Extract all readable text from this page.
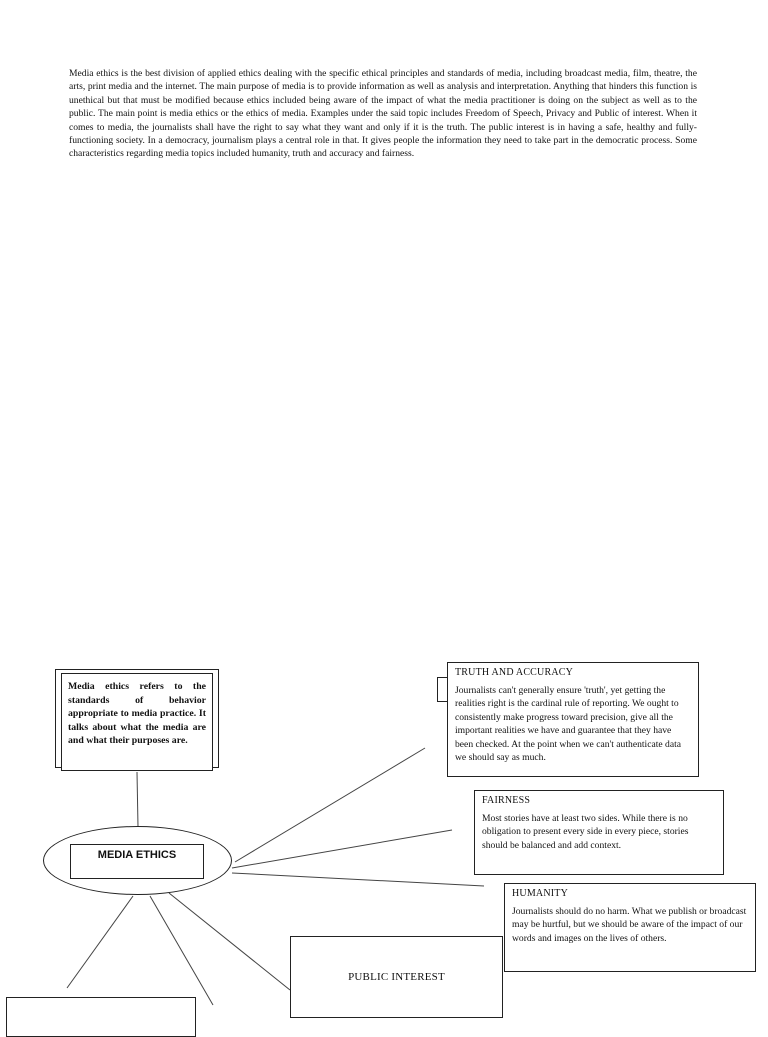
Media ethics is the best division of applied ethics dealing with the specific ethical principles and standards of media, including broadcast media, film, theatre, the arts, print media and the internet. The main purpose of media is to provide information as well as analysis and interpretation. Anything that hinders this function is unethical but that must be modified because ethics included being aware of the impact of what the media practitioner is doing on the subject as well as to the public. The main point is media ethics or the ethics of media. Examples under the said topic includes Freedom of Speech, Privacy and Public of interest. When it comes to media, the journalists shall have the right to say what they want and only if it is the truth. The public interest is in having a safe, healthy and fully-functioning society. In a democracy, journalism plays a central role in that. It gives people the information they need to take part in the democratic process. Some characteristics regarding media topics included humanity, truth and accuracy and fairness.

Media ethics refers to the standards of behavior appropriate to media practice. It talks about what the media are and what their purposes are.
MEDIA ETHICS
TRUTH AND ACCURACY
Journalists can't generally ensure 'truth', yet getting the realities right is the cardinal rule of reporting. We ought to consistently make progress toward precision, give all the important realities we have and guarantee that they have been checked. At the point when we can't authenticate data we should say as much.
FAIRNESS
Most stories have at least two sides. While there is no obligation to present every side in every piece, stories should be balanced and add context.
HUMANITY
Journalists should do no harm. What we publish or broadcast may be hurtful, but we should be aware of the impact of our words and images on the lives of others.
PUBLIC INTEREST
